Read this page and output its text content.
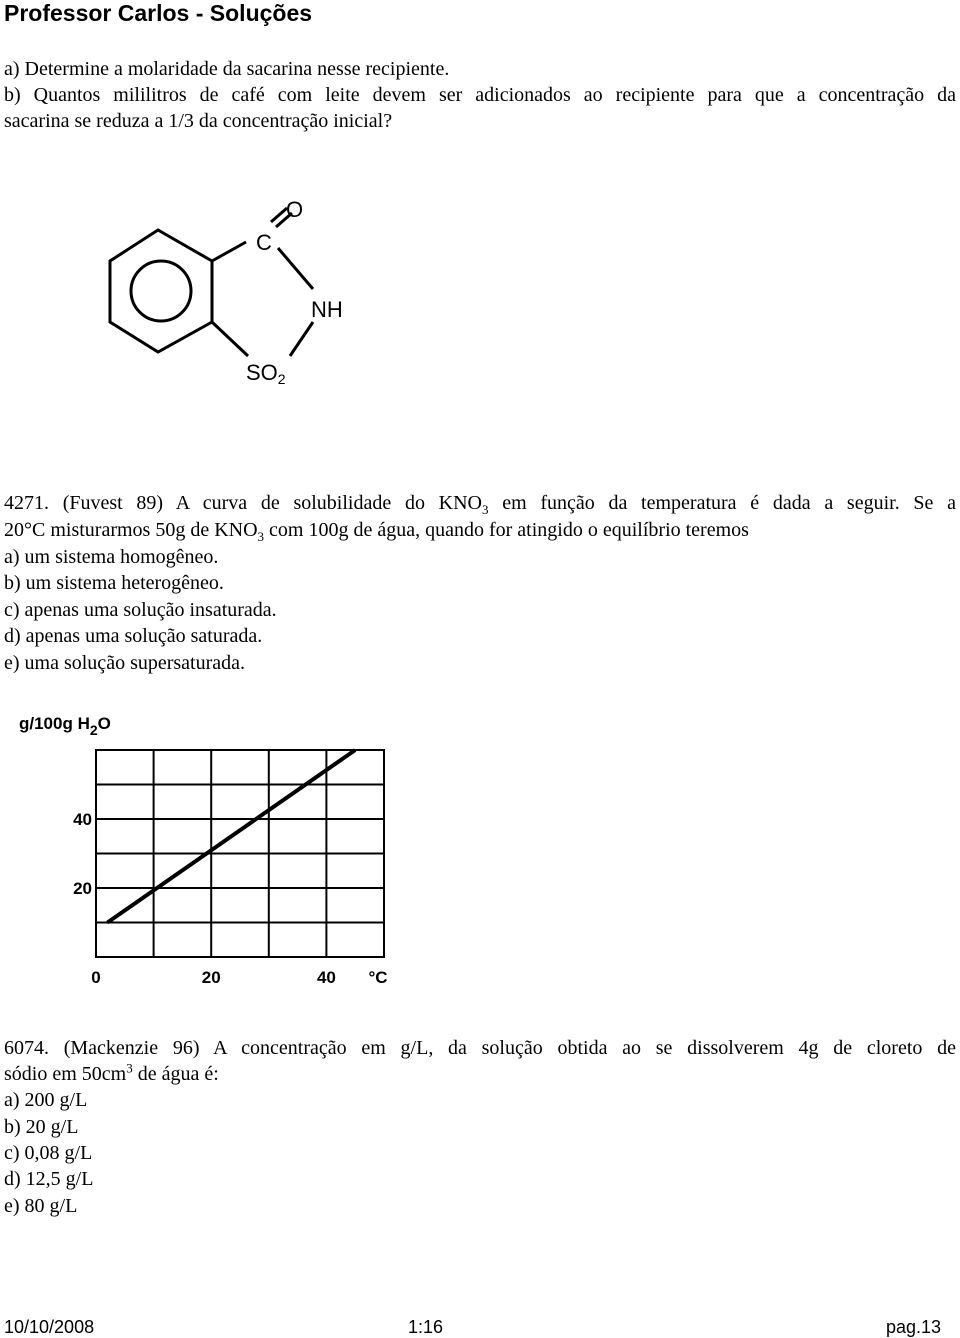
Professor Carlos - Soluções
a) Determine a molaridade da sacarina nesse recipiente.
b) Quantos mililitros de café com leite devem ser adicionados ao recipiente para que a concentração da
sacarina se reduza a 1/3 da concentração inicial?
O
C
NH
SO2
4271. (Fuvest 89) A curva de solubilidade do $KNO_3$ em função da temperatura é dada a seguir. Se a
20°C misturarmos 50g de $KNO_3$ com 100g de água, quando for atingido o equilíbrio teremos
a) um sistema homogêneo.
b) um sistema heterogêneo.
c) apenas uma solução insaturada.
d) apenas uma solução saturada.
e) uma solução supersaturada.
g/100g $H_2O$
0	20	40
20
40
°C
6074. (Mackenzie 96) A concentração em g/L, da solução obtida ao se dissolverem 4g de cloreto de
sódio em $50cm^3$ de água é:
a) 200 g/L
b) 20 g/L
c) 0,08 g/L
d) 12,5 g/L
e) 80 g/L
10/10/2008	1:16	pag.13
